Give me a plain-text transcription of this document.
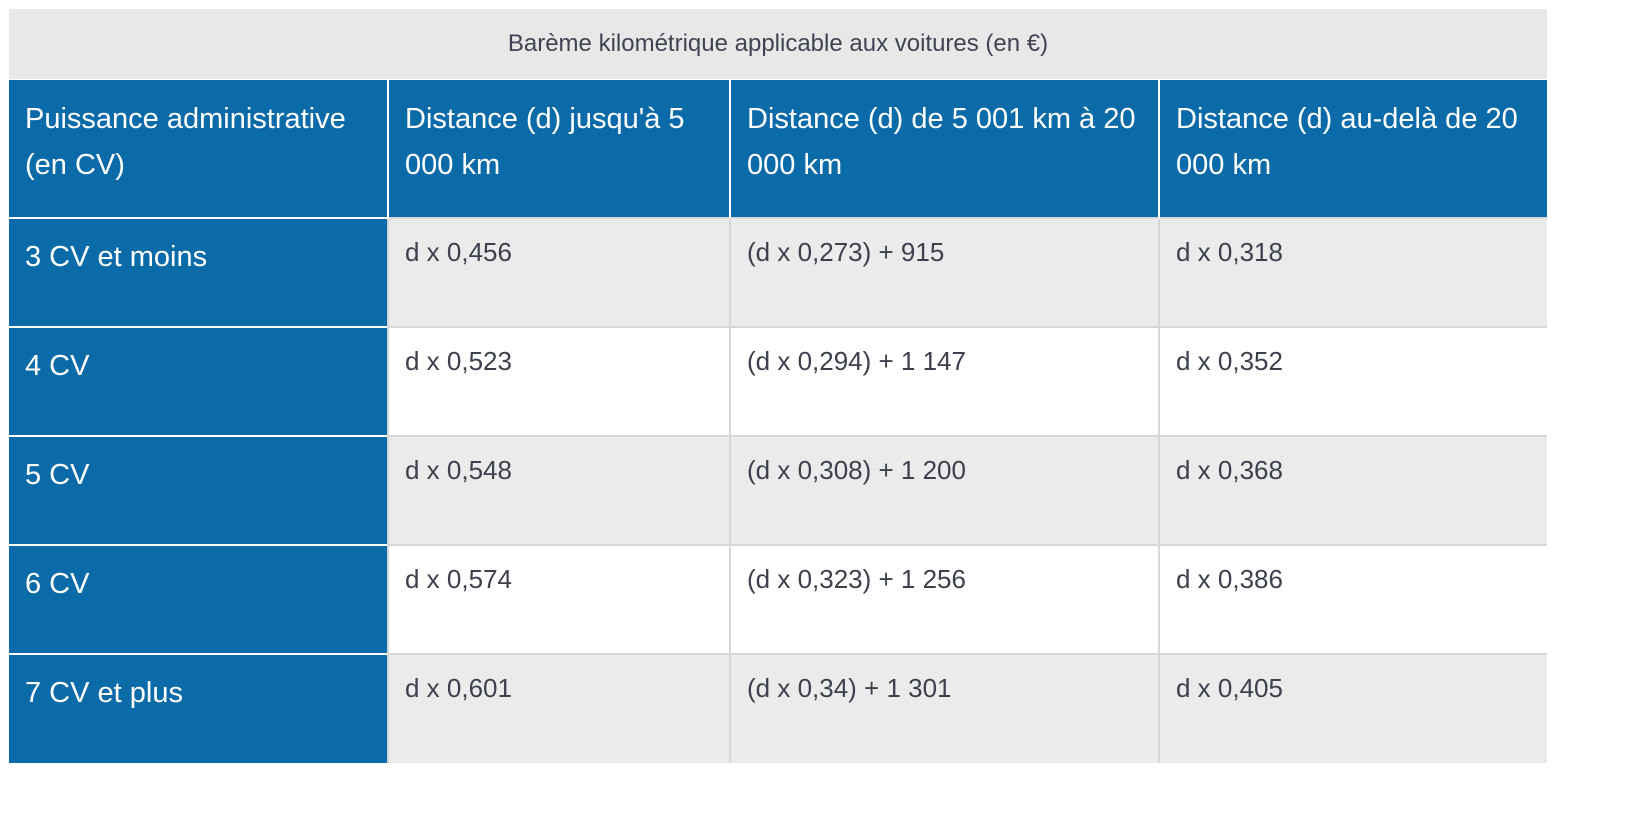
Barème kilométrique applicable aux voitures (en €)
Puissance administrative (en CV)	Distance (d) jusqu'à 5 000 km	Distance (d) de 5 001 km à 20 000 km	Distance (d) au-delà de 20 000 km
3 CV et moins	d x 0,456	(d x 0,273) + 915	d x 0,318
4 CV	d x 0,523	(d x 0,294) + 1 147	d x 0,352
5 CV	d x 0,548	(d x 0,308) + 1 200	d x 0,368
6 CV	d x 0,574	(d x 0,323) + 1 256	d x 0,386
7 CV et plus	d x 0,601	(d x 0,34) + 1 301	d x 0,405
